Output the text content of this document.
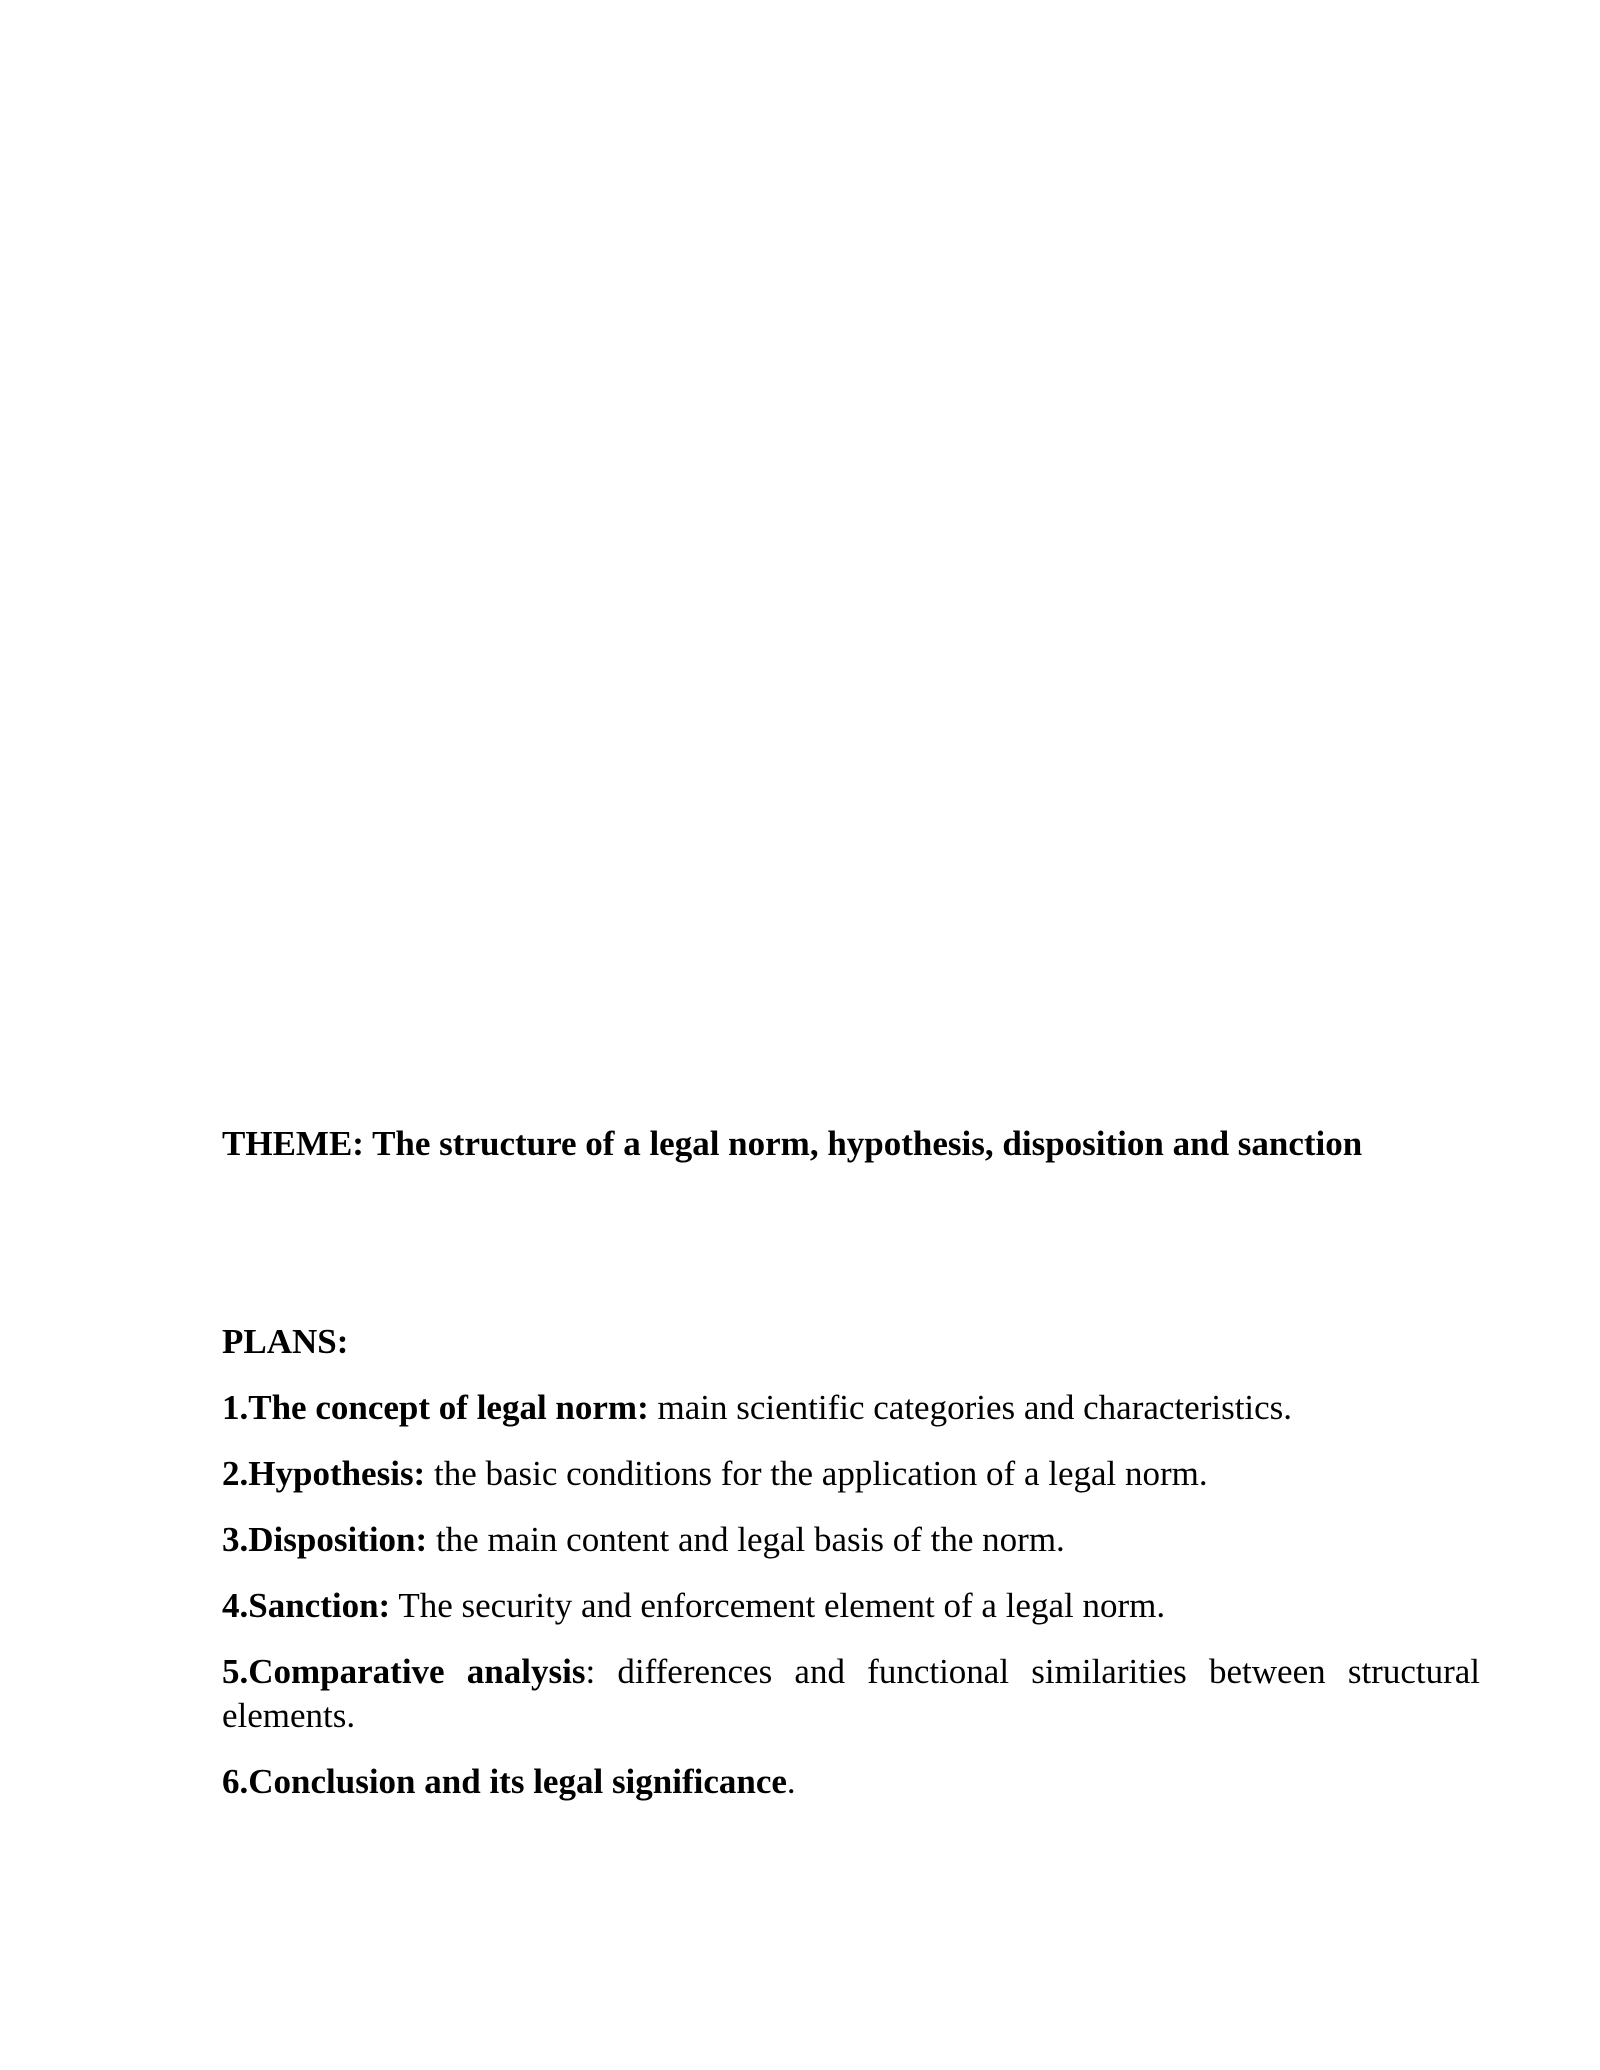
THEME: The structure of a legal norm, hypothesis, disposition and sanction

PLANS:

1.The concept of legal norm: main scientific categories and characteristics.
2.Hypothesis: the basic conditions for the application of a legal norm.
3.Disposition: the main content and legal basis of the norm.
4.Sanction: The security and enforcement element of a legal norm.
5.Comparative analysis: differences and functional similarities between structural elements.
6.Conclusion and its legal significance.
